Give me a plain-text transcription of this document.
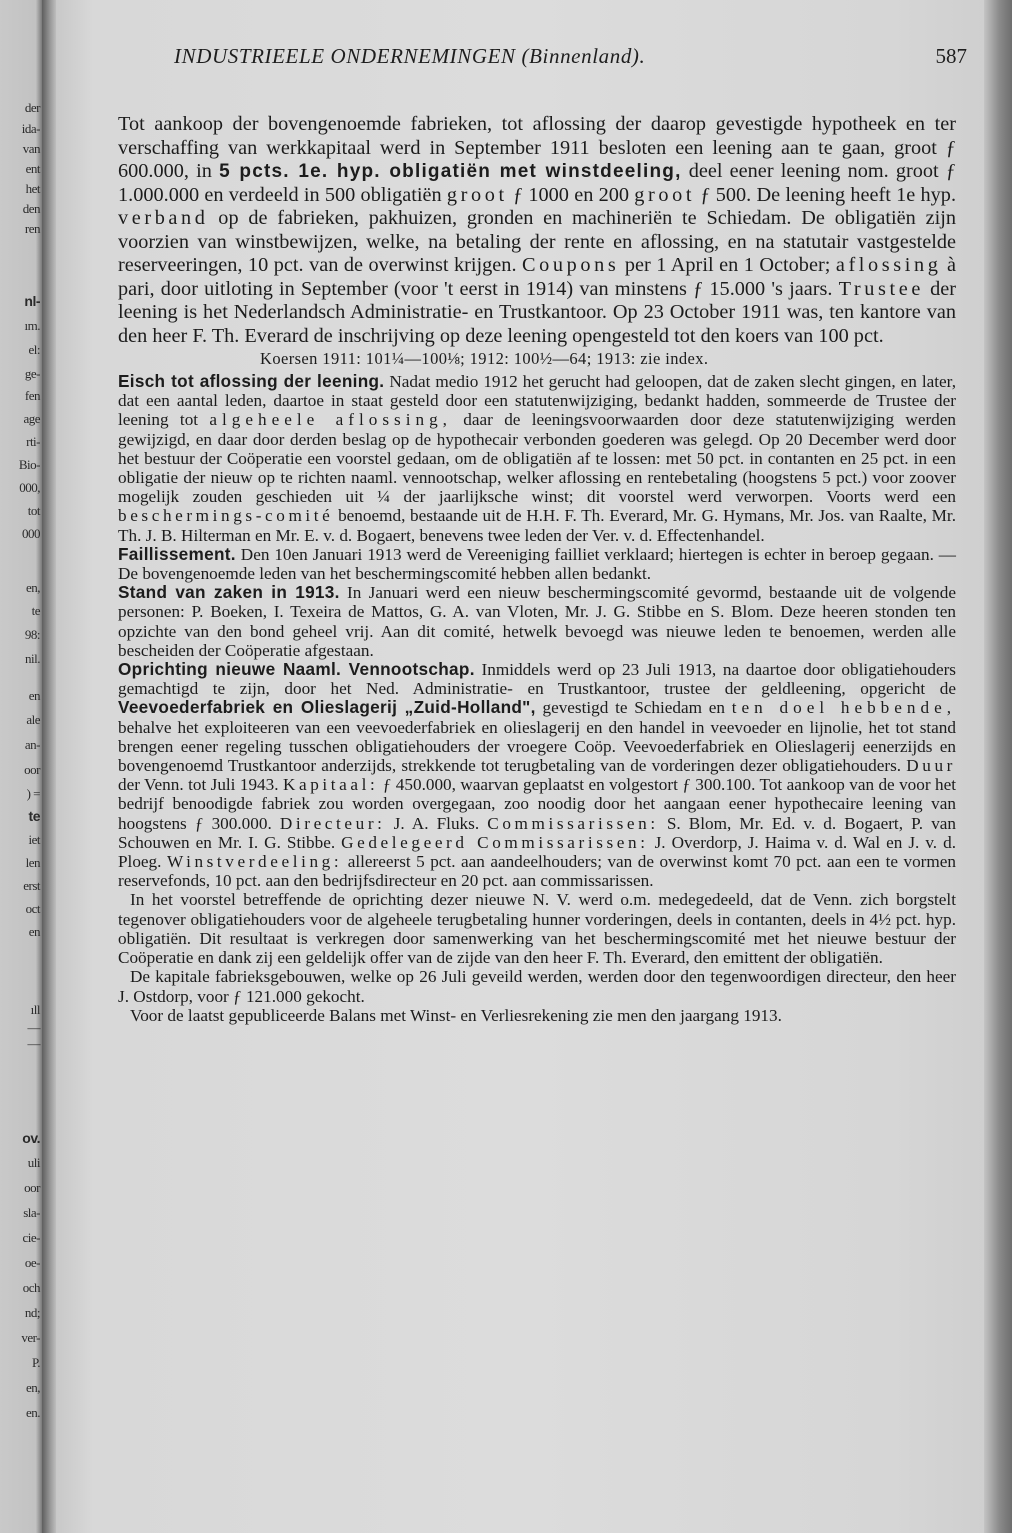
der
ida-
van
ent
het
den
ren
nl-
ım.
el:
ge-
fen
age
rti-
Bio-
000,
tot
000
en,
te
98:
nil.
en
ale
an-
oor
) =
te
iet
len
erst
oct
en
ıll
—
—
ov.
uli
oor
sla-
cie-
oe-
och
nd;
ver-
P.
en,
en.
INDUSTRIEELE ONDERNEMINGEN (Binnenland).	587

Tot aankoop der bovengenoemde fabrieken, tot aflossing der daarop gevestigde hypotheek en ter verschaffing van werkkapitaal werd in September 1911 besloten een leening aan te gaan, groot ƒ 600.000, in 5 pcts. 1e. hyp. obligatiën met winstdeeling, deel eener leening nom. groot ƒ 1.000.000 en verdeeld in 500 obligatiën groot ƒ 1000 en 200 groot ƒ 500. De leening heeft 1e hyp. verband op de fabrieken, pakhuizen, gronden en machineriën te Schiedam. De obligatiën zijn voorzien van winstbewijzen, welke, na betaling der rente en aflossing, en na statutair vastgestelde reserveeringen, 10 pct. van de overwinst krijgen. Coupons per 1 April en 1 October; aflossing à pari, door uitloting in September (voor 't eerst in 1914) van minstens ƒ 15.000 's jaars. Trustee der leening is het Nederlandsch Administratie- en Trustkantoor. Op 23 October 1911 was, ten kantore van den heer F. Th. Everard de inschrijving op deze leening opengesteld tot den koers van 100 pct.

Koersen 1911: 101¼—100⅛; 1912: 100½—64; 1913: zie index.

Eisch tot aflossing der leening. Nadat medio 1912 het gerucht had geloopen, dat de zaken slecht gingen, en later, dat een aantal leden, daartoe in staat gesteld door een statutenwijziging, bedankt hadden, sommeerde de Trustee der leening tot algeheele aflossing, daar de leeningsvoorwaarden door deze statutenwijziging werden gewijzigd, en daar door derden beslag op de hypothecair verbonden goederen was gelegd. Op 20 December werd door het bestuur der Coöperatie een voorstel gedaan, om de obligatiën af te lossen: met 50 pct. in contanten en 25 pct. in een obligatie der nieuw op te richten naaml. vennootschap, welker aflossing en rentebetaling (hoogstens 5 pct.) voor zoover mogelijk zouden geschieden uit ¼ der jaarlijksche winst; dit voorstel werd verworpen. Voorts werd een beschermings-comité benoemd, bestaande uit de H.H. F. Th. Everard, Mr. G. Hymans, Mr. Jos. van Raalte, Mr. Th. J. B. Hilterman en Mr. E. v. d. Bogaert, benevens twee leden der Ver. v. d. Effectenhandel.

Faillissement. Den 10en Januari 1913 werd de Vereeniging failliet verklaard; hiertegen is echter in beroep gegaan. — De bovengenoemde leden van het beschermingscomité hebben allen bedankt.

Stand van zaken in 1913. In Januari werd een nieuw beschermingscomité gevormd, bestaande uit de volgende personen: P. Boeken, I. Texeira de Mattos, G. A. van Vloten, Mr. J. G. Stibbe en S. Blom. Deze heeren stonden ten opzichte van den bond geheel vrij. Aan dit comité, hetwelk bevoegd was nieuwe leden te benoemen, werden alle bescheiden der Coöperatie afgestaan.

Oprichting nieuwe Naaml. Vennootschap. Inmiddels werd op 23 Juli 1913, na daartoe door obligatiehouders gemachtigd te zijn, door het Ned. Administratie- en Trustkantoor, trustee der geldleening, opgericht de Veevoederfabriek en Olieslagerij „Zuid-Holland", gevestigd te Schiedam en ten doel hebbende, behalve het exploiteeren van een veevoederfabriek en olieslagerij en den handel in veevoeder en lijnolie, het tot stand brengen eener regeling tusschen obligatiehouders der vroegere Coöp. Veevoederfabriek en Olieslagerij eenerzijds en bovengenoemd Trustkantoor anderzijds, strekkende tot terugbetaling van de vorderingen dezer obligatiehouders. Duur der Venn. tot Juli 1943. Kapitaal: ƒ 450.000, waarvan geplaatst en volgestort ƒ 300.100. Tot aankoop van de voor het bedrijf benoodigde fabriek zou worden overgegaan, zoo noodig door het aangaan eener hypothecaire leening van hoogstens ƒ 300.000. Directeur: J. A. Fluks. Commissarissen: S. Blom, Mr. Ed. v. d. Bogaert, P. van Schouwen en Mr. I. G. Stibbe. Gedelegeerd Commissarissen: J. Overdorp, J. Haima v. d. Wal en J. v. d. Ploeg. Winstverdeeling: allereerst 5 pct. aan aandeelhouders; van de overwinst komt 70 pct. aan een te vormen reservefonds, 10 pct. aan den bedrijfsdirecteur en 20 pct. aan commissarissen.

In het voorstel betreffende de oprichting dezer nieuwe N. V. werd o.m. medegedeeld, dat de Venn. zich borgstelt tegenover obligatiehouders voor de algeheele terugbetaling hunner vorderingen, deels in contanten, deels in 4½ pct. hyp. obligatiën. Dit resultaat is verkregen door samenwerking van het beschermingscomité met het nieuwe bestuur der Coöperatie en dank zij een geldelijk offer van de zijde van den heer F. Th. Everard, den emittent der obligatiën.

De kapitale fabrieksgebouwen, welke op 26 Juli geveild werden, werden door den tegenwoordigen directeur, den heer J. Ostdorp, voor ƒ 121.000 gekocht.

Voor de laatst gepubliceerde Balans met Winst- en Verliesrekening zie men den jaargang 1913.
